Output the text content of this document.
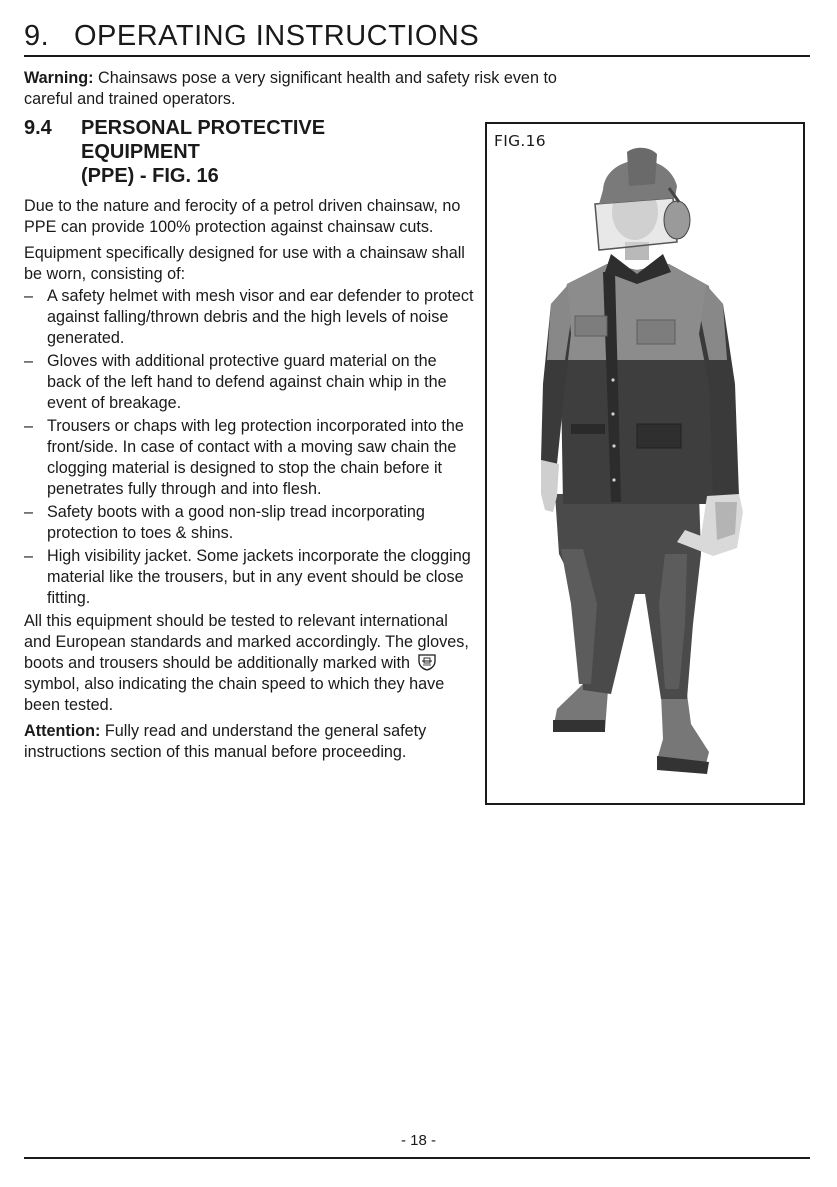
9. OPERATING INSTRUCTIONS

Warning: Chainsaws pose a very significant health and safety risk even to careful and trained operators.

9.4	PERSONAL PROTECTIVE
EQUIPMENT
(PPE) - FIG. 16

Due to the nature and ferocity of a petrol driven chainsaw, no PPE can provide 100% protection against chainsaw cuts.

Equipment specifically designed for use with a chainsaw shall be worn, consisting of:

– A safety helmet with mesh visor and ear defender to protect against falling/thrown debris and the high levels of noise generated.
– Gloves with additional protective guard material on the back of the left hand to defend against chain whip in the event of breakage.
– Trousers or chaps with leg protection incorporated into the front/side. In case of contact with a moving saw chain the clogging material is designed to stop the chain before it penetrates fully through and into flesh.
– Safety boots with a good non-slip tread incorporating protection to toes & shins.
– High visibility jacket. Some jackets incorporate the clogging material like the trousers, but in any event should be close fitting.

All this equipment should be tested to relevant international and European standards and marked accordingly. The gloves, boots and trousers should be additionally marked with  symbol, also indicating the chain speed to which they have been tested.

Attention: Fully read and understand the general safety instructions section of this manual before proceeding.

FIG.16
- 18 -
